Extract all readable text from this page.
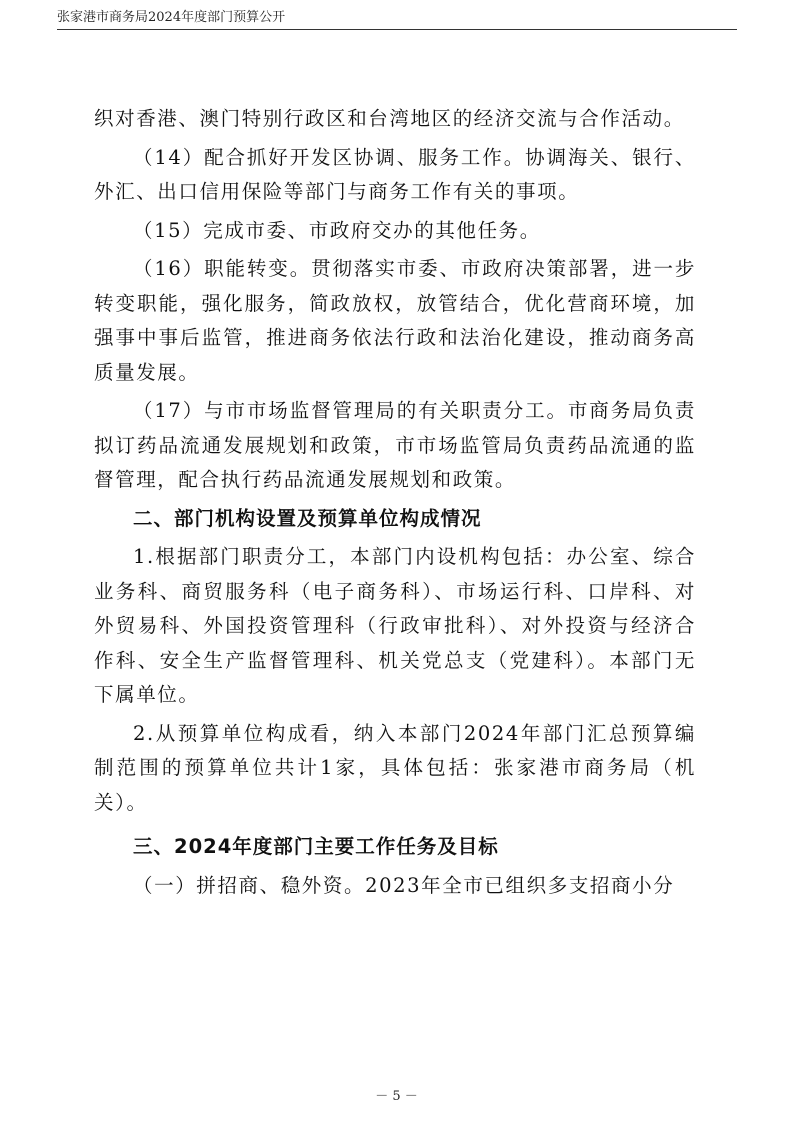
张家港市商务局2024年度部门预算公开

织对香港、澳门特别行政区和台湾地区的经济交流与合作活动。

（14）配合抓好开发区协调、服务工作。协调海关、银行、外汇、出口信用保险等部门与商务工作有关的事项。

（15）完成市委、市政府交办的其他任务。

（16）职能转变。贯彻落实市委、市政府决策部署，进一步转变职能，强化服务，简政放权，放管结合，优化营商环境，加强事中事后监管，推进商务依法行政和法治化建设，推动商务高质量发展。

（17）与市市场监督管理局的有关职责分工。市商务局负责拟订药品流通发展规划和政策，市市场监管局负责药品流通的监督管理，配合执行药品流通发展规划和政策。

二、部门机构设置及预算单位构成情况

1.根据部门职责分工，本部门内设机构包括：办公室、综合业务科、商贸服务科（电子商务科）、市场运行科、口岸科、对外贸易科、外国投资管理科（行政审批科）、对外投资与经济合作科、安全生产监督管理科、机关党总支（党建科）。本部门无下属单位。

2.从预算单位构成看，纳入本部门2024年部门汇总预算编制范围的预算单位共计1家，具体包括：张家港市商务局（机关）。

三、2024年度部门主要工作任务及目标

（一）拼招商、稳外资。2023年全市已组织多支招商小分

－ 5 －
